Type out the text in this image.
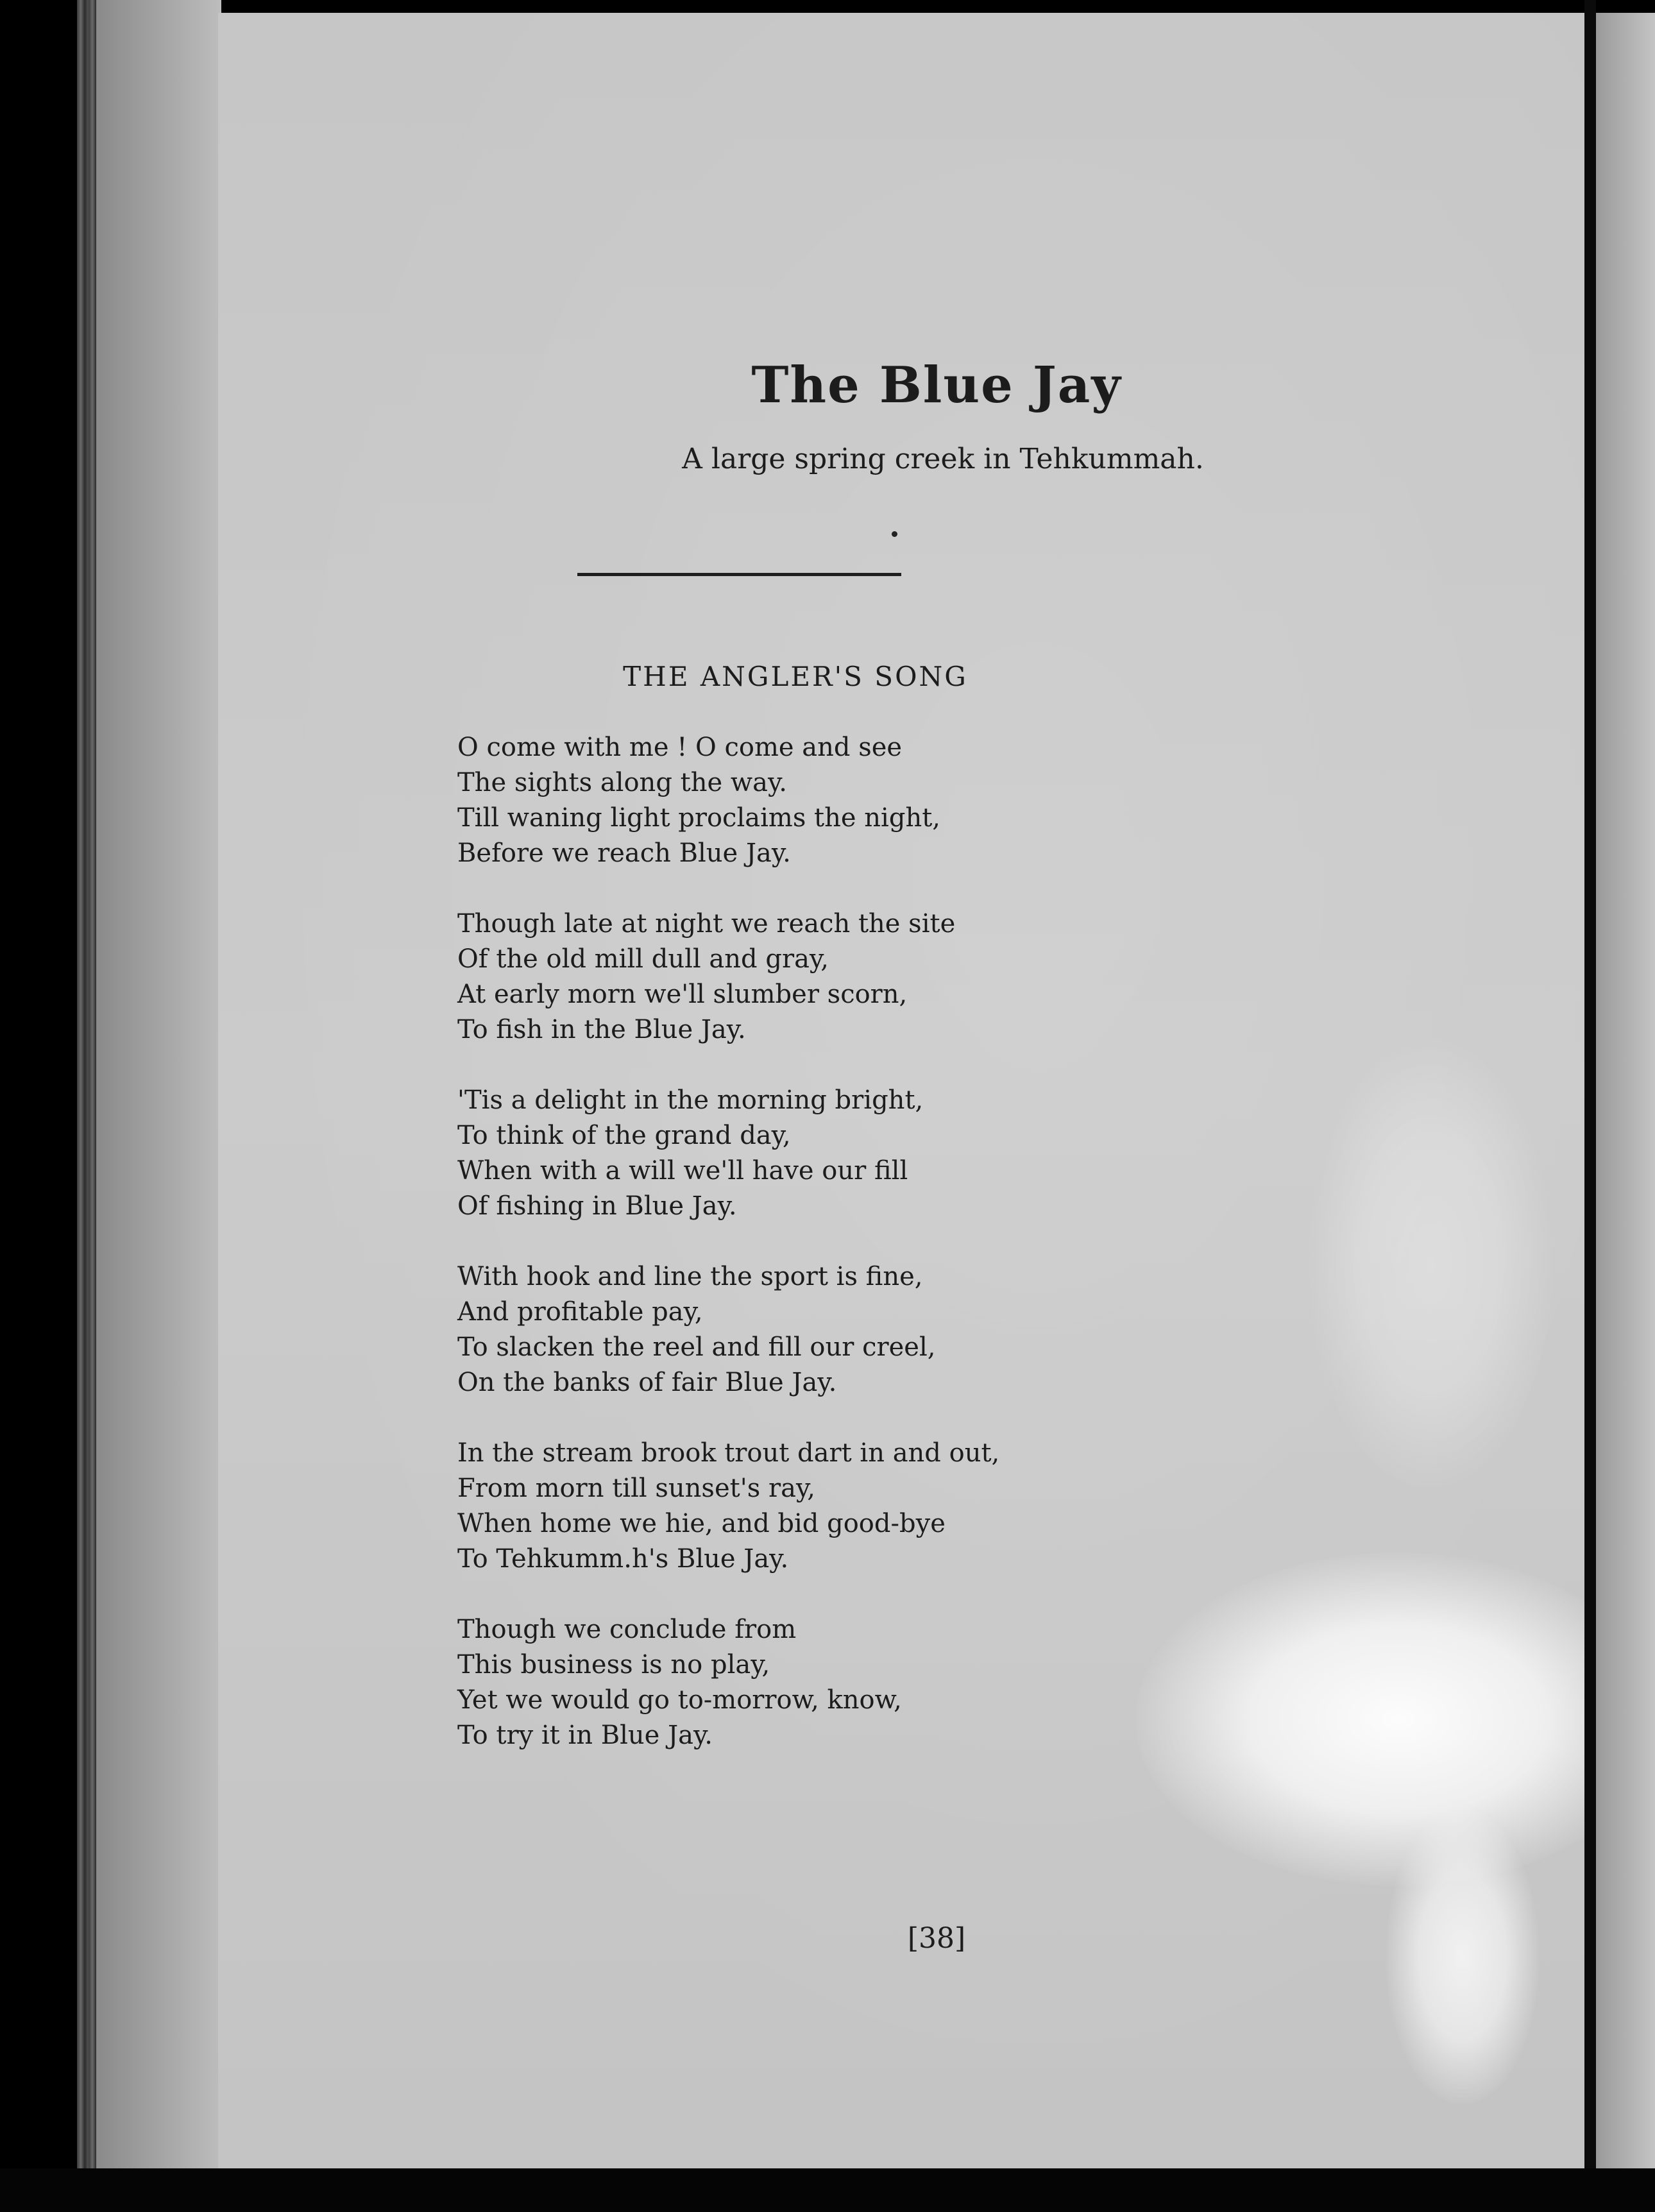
The Blue Jay
A large spring creek in Tehkummah.
THE ANGLER'S SONG
O come with me ! O come and see
The sights along the way.
Till waning light proclaims the night,
Before we reach Blue Jay.
Though late at night we reach the site
Of the old mill dull and gray,
At early morn we'll slumber scorn,
To fish in the Blue Jay.
'Tis a delight in the morning bright,
To think of the grand day,
When with a will we'll have our fill
Of fishing in Blue Jay.
With hook and line the sport is fine,
And profitable pay,
To slacken the reel and fill our creel,
On the banks of fair Blue Jay.
In the stream brook trout dart in and out,
From morn till sunset's ray,
When home we hie, and bid good-bye
To Tehkumm.h's Blue Jay.
Though we conclude from
This business is no play,
Yet we would go to-morrow, know,
To try it in Blue Jay.
[38]
